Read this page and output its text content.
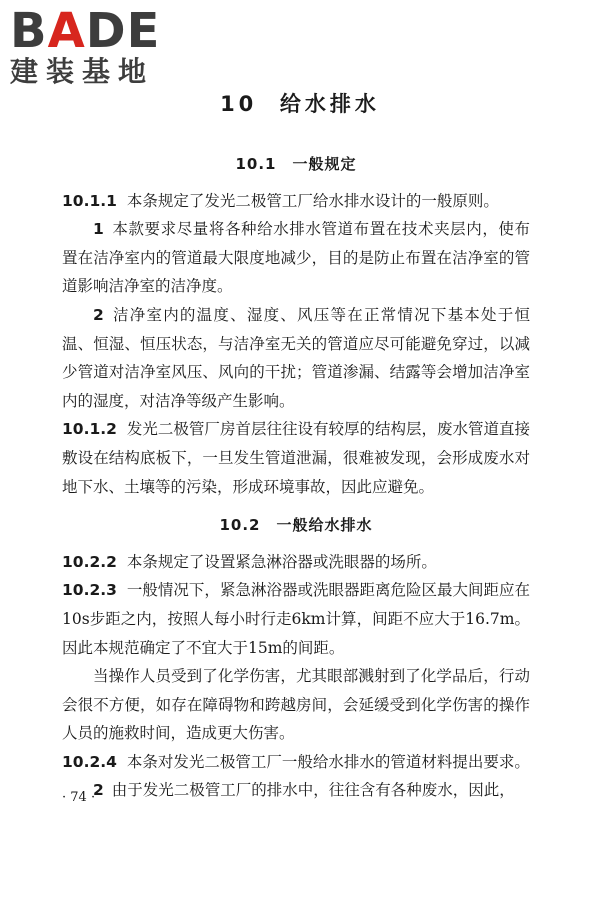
BADE
建装基地
10 给水排水
10.1　一般规定

10.1.1 本条规定了发光二极管工厂给水排水设计的一般原则。

1 本款要求尽量将各种给水排水管道布置在技术夹层内，使布置在洁净室内的管道最大限度地减少，目的是防止布置在洁净室的管道影响洁净室的洁净度。

2 洁净室内的温度、湿度、风压等在正常情况下基本处于恒温、恒湿、恒压状态，与洁净室无关的管道应尽可能避免穿过，以减少管道对洁净室风压、风向的干扰；管道渗漏、结露等会增加洁净室内的湿度，对洁净等级产生影响。

10.1.2 发光二极管厂房首层往往设有较厚的结构层，废水管道直接敷设在结构底板下，一旦发生管道泄漏，很难被发现，会形成废水对地下水、土壤等的污染，形成环境事故，因此应避免。

10.2　一般给水排水

10.2.2 本条规定了设置紧急淋浴器或洗眼器的场所。

10.2.3 一般情况下，紧急淋浴器或洗眼器距离危险区最大间距应在10s步距之内，按照人每小时行走6km计算，间距不应大于16.7m。因此本规范确定了不宜大于15m的间距。

当操作人员受到了化学伤害，尤其眼部溅射到了化学品后，行动会很不方便，如存在障碍物和跨越房间，会延缓受到化学伤害的操作人员的施救时间，造成更大伤害。

10.2.4 本条对发光二极管工厂一般给水排水的管道材料提出要求。

2 由于发光二极管工厂的排水中，往往含有各种废水，因此，

· 74 ·
